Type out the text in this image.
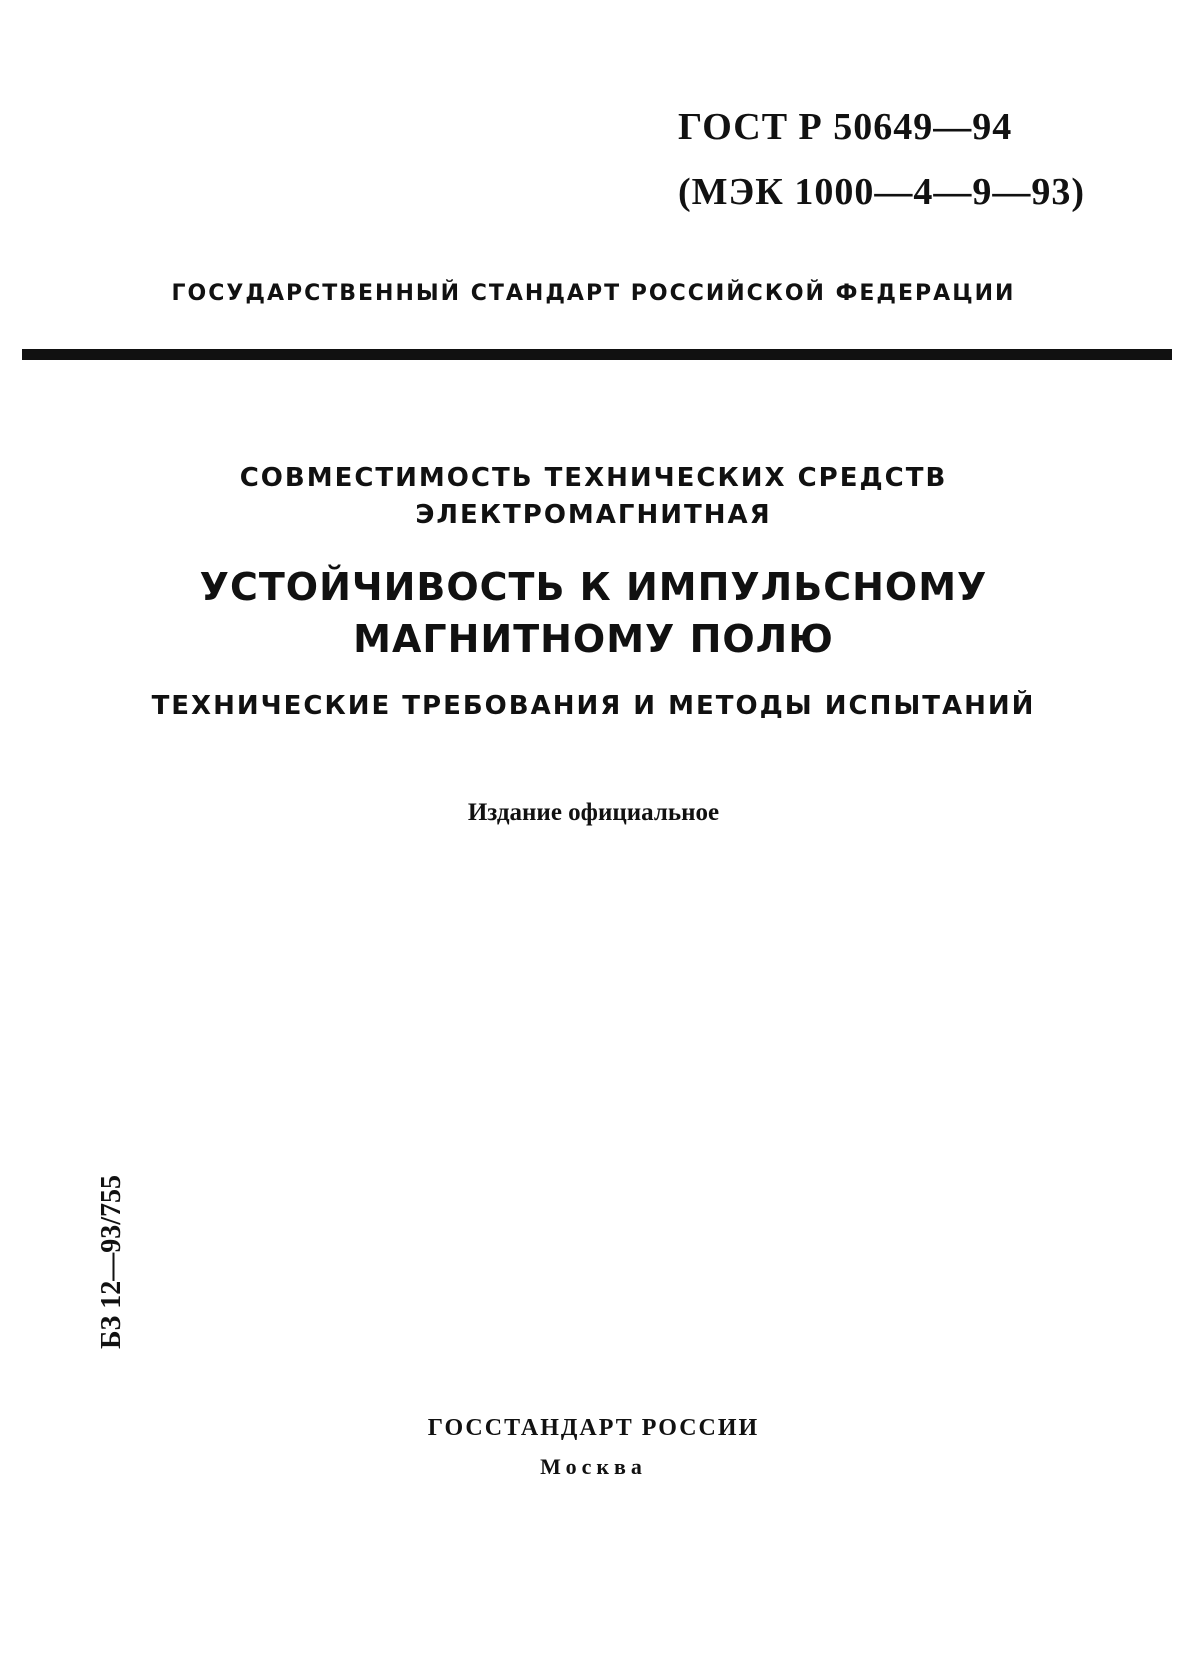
ГОСТ Р 50649—94
(МЭК 1000—4—9—93)
ГОСУДАРСТВЕННЫЙ СТАНДАРТ РОССИЙСКОЙ ФЕДЕРАЦИИ
СОВМЕСТИМОСТЬ ТЕХНИЧЕСКИХ СРЕДСТВ
ЭЛЕКТРОМАГНИТНАЯ
УСТОЙЧИВОСТЬ К ИМПУЛЬСНОМУ
МАГНИТНОМУ ПОЛЮ
ТЕХНИЧЕСКИЕ ТРЕБОВАНИЯ И МЕТОДЫ ИСПЫТАНИЙ
Издание официальное
БЗ 12—93/755
ГОССТАНДАРТ РОССИИ
Москва
